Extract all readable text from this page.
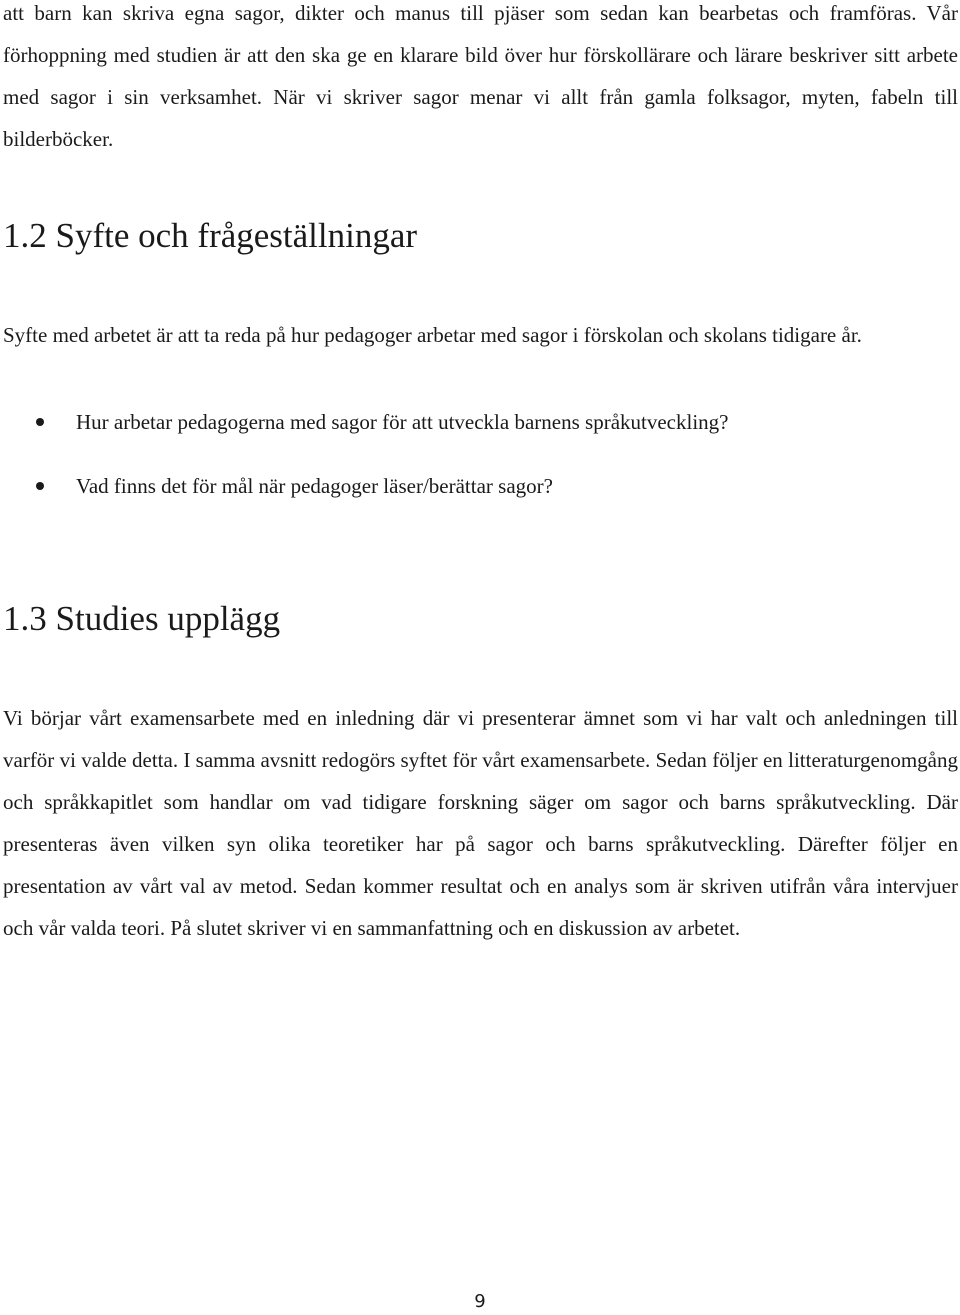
att barn kan skriva egna sagor, dikter och manus till pjäser som sedan kan bearbetas och framföras. Vår förhoppning med studien är att den ska ge en klarare bild över hur förskollärare och lärare beskriver sitt arbete med sagor i sin verksamhet. När vi skriver sagor menar vi allt från gamla folksagor, myten, fabeln till bilderböcker.

1.2 Syfte och frågeställningar

Syfte med arbetet är att ta reda på hur pedagoger arbetar med sagor i förskolan och skolans tidigare år.

Hur arbetar pedagogerna med sagor för att utveckla barnens språkutveckling?
Vad finns det för mål när pedagoger läser/berättar sagor?
1.3 Studies upplägg

Vi börjar vårt examensarbete med en inledning där vi presenterar ämnet som vi har valt och anledningen till varför vi valde detta. I samma avsnitt redogörs syftet för vårt examensarbete. Sedan följer en litteraturgenomgång och språkkapitlet som handlar om vad tidigare forskning säger om sagor och barns språkutveckling. Där presenteras även vilken syn olika teoretiker har på sagor och barns språkutveckling. Därefter följer en presentation av vårt val av metod. Sedan kommer resultat och en analys som är skriven utifrån våra intervjuer och vår valda teori. På slutet skriver vi en sammanfattning och en diskussion av arbetet.

9
